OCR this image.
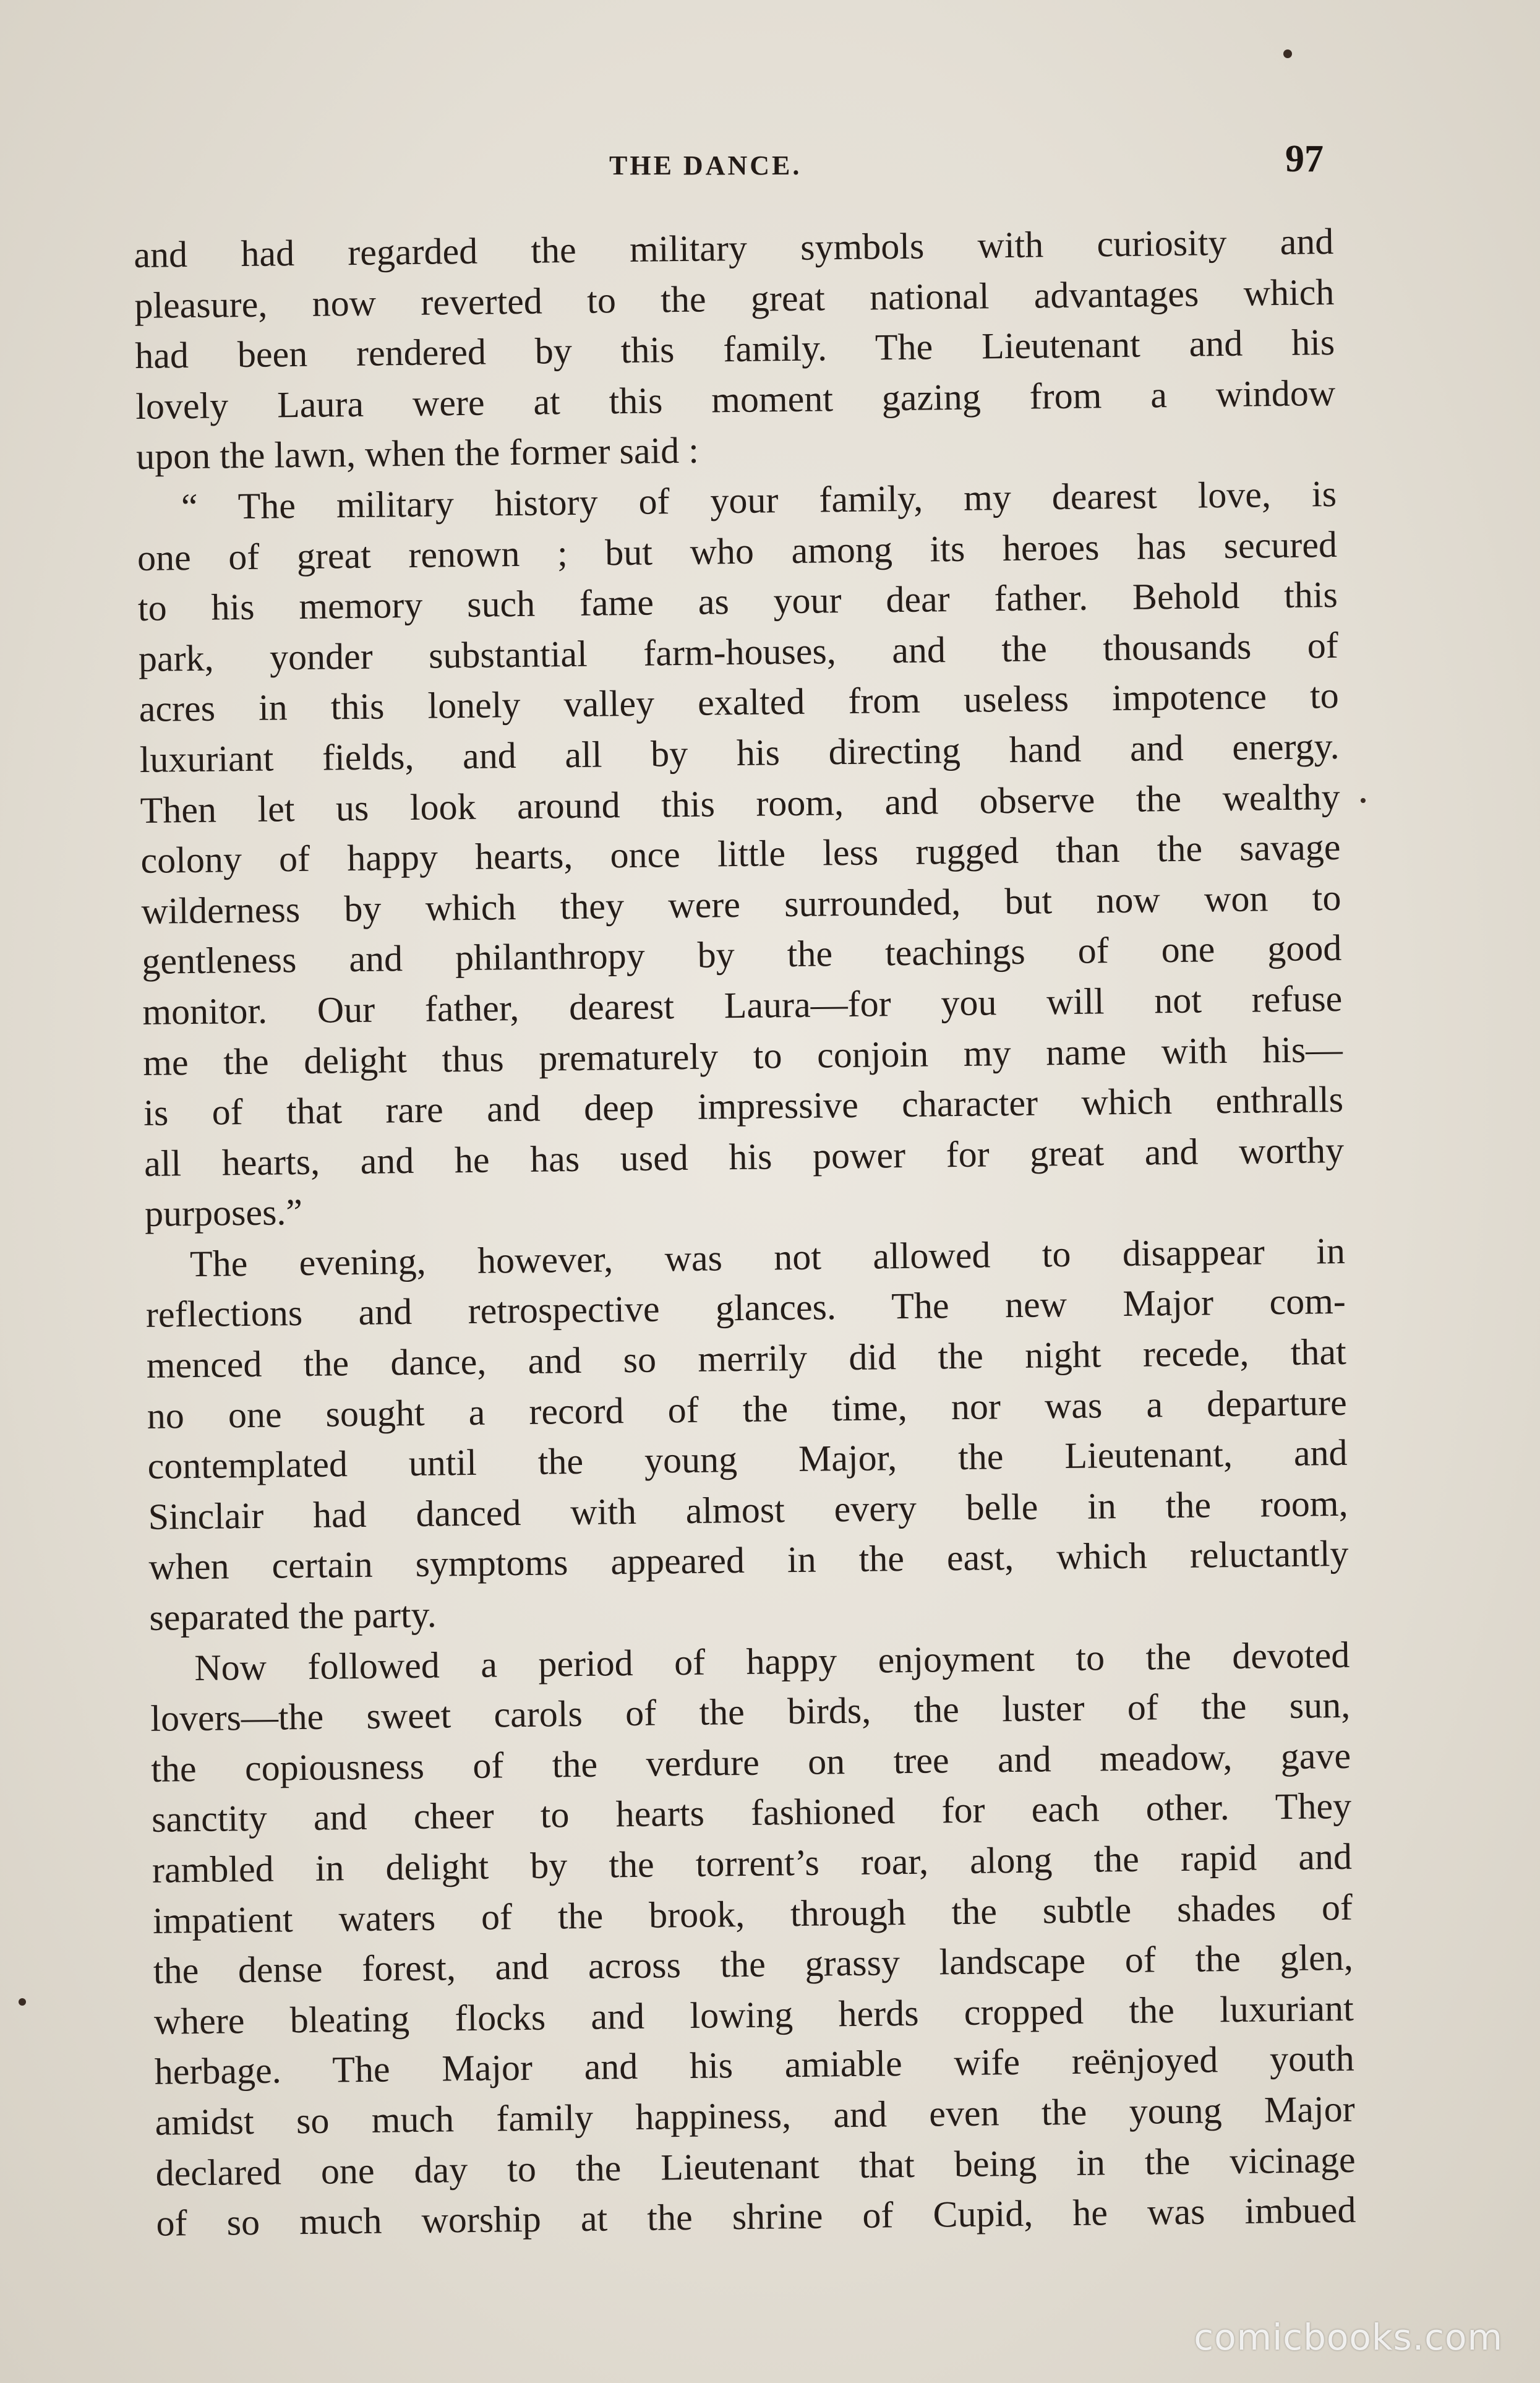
THE DANCE.	97
and had regarded the military symbols with curiosity and
pleasure, now reverted to the great national advantages which
had been rendered by this family. The Lieutenant and his
lovely Laura were at this moment gazing from a window
upon the lawn, when the former said :
“ The military history of your family, my dearest love, is
one of great renown ; but who among its heroes has secured
to his memory such fame as your dear father. Behold this
park, yonder substantial farm-houses, and the thousands of
acres in this lonely valley exalted from useless impotence to
luxuriant fields, and all by his directing hand and energy.
Then let us look around this room, and observe the wealthy
colony of happy hearts, once little less rugged than the savage
wilderness by which they were surrounded, but now won to
gentleness and philanthropy by the teachings of one good
monitor. Our father, dearest Laura—for you will not refuse
me the delight thus prematurely to conjoin my name with his—
is of that rare and deep impressive character which enthralls
all hearts, and he has used his power for great and worthy
purposes.”
The evening, however, was not allowed to disappear in
reflections and retrospective glances. The new Major com-
menced the dance, and so merrily did the night recede, that
no one sought a record of the time, nor was a departure
contemplated until the young Major, the Lieutenant, and
Sinclair had danced with almost every belle in the room,
when certain symptoms appeared in the east, which reluctantly
separated the party.
Now followed a period of happy enjoyment to the devoted
lovers—the sweet carols of the birds, the luster of the sun,
the copiousness of the verdure on tree and meadow, gave
sanctity and cheer to hearts fashioned for each other. They
rambled in delight by the torrent’s roar, along the rapid and
impatient waters of the brook, through the subtle shades of
the dense forest, and across the grassy landscape of the glen,
where bleating flocks and lowing herds cropped the luxuriant
herbage. The Major and his amiable wife reënjoyed youth
amidst so much family happiness, and even the young Major
declared one day to the Lieutenant that being in the vicinage
of so much worship at the shrine of Cupid, he was imbued
comicbooks.com
